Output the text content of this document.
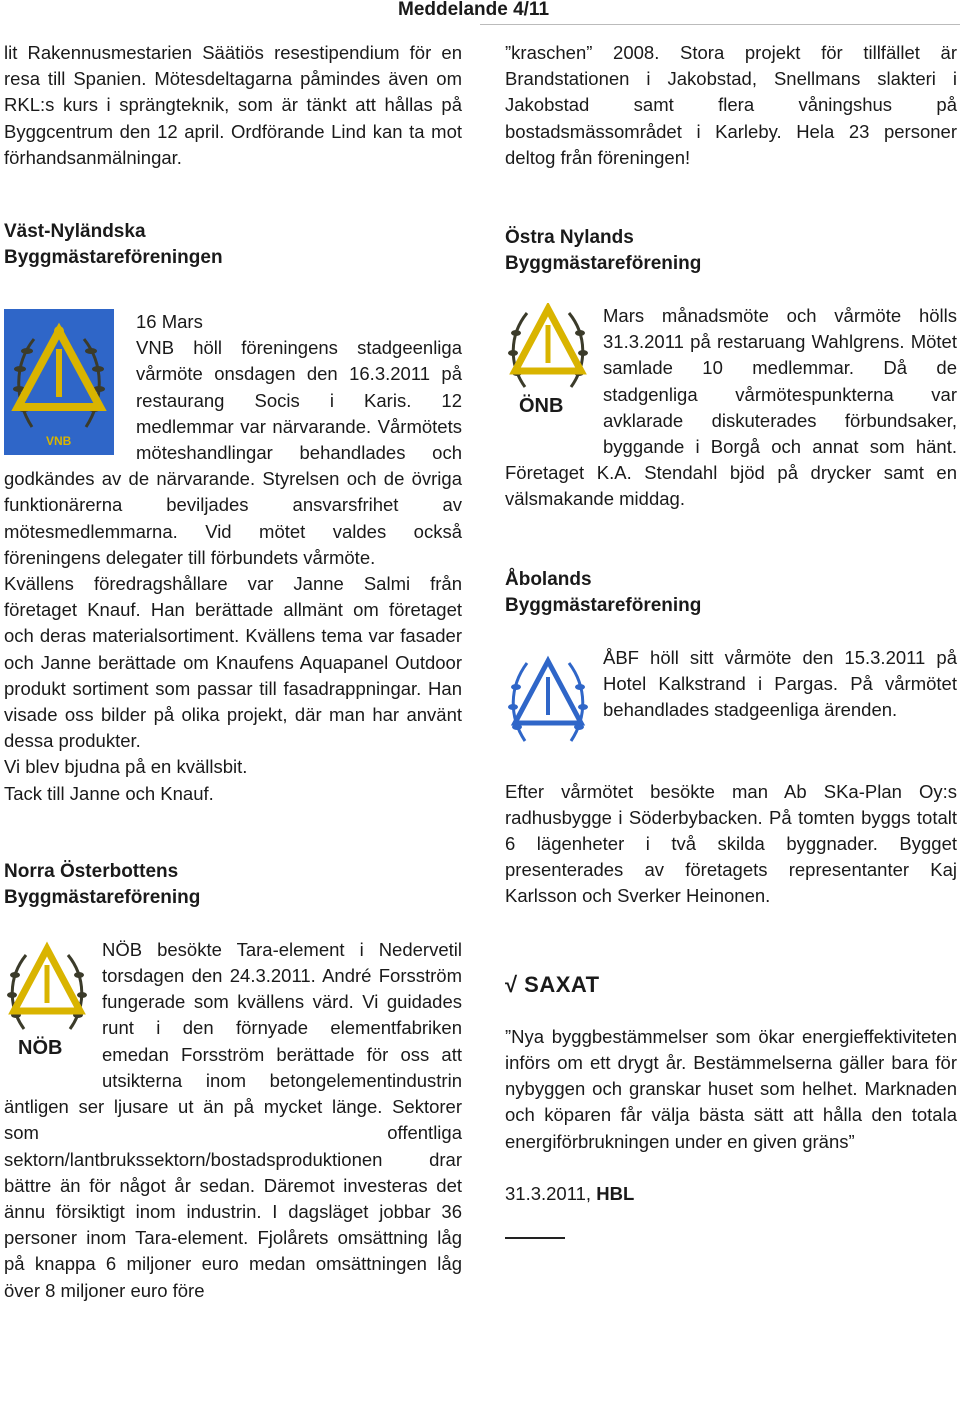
Meddelande 4/11

lit Rakennusmestarien Säätiös resestipendium för en resa till Spanien. Mötesdeltagarna påmindes även om RKL:s kurs i sprängteknik, som är tänkt att hållas på Byggcentrum den 12 april. Ordförande Lind kan ta mot förhandsanmälningar.

Väst-Nyländska
Byggmästareföreningen
VNB

16 Mars

VNB höll föreningens stadgeenliga vårmöte onsdagen den 16.3.2011 på restaurang Socis i Karis. 12 medlemmar var närvarande. Vårmötets möteshandlingar behandlades och godkändes av de närvarande. Styrelsen och de övriga funktionärerna beviljades ansvarsfrihet av mötesmedlemmarna. Vid mötet valdes också föreningens delegater till förbundets vårmöte.

Kvällens föredragshållare var Janne Salmi från företaget Knauf. Han berättade allmänt om företaget och deras materialsortiment. Kvällens tema var fasader och Janne berättade om Knaufens Aquapanel Outdoor produkt sortiment som passar till fasadrappningar. Han visade oss bilder på olika projekt, där man har använt dessa produkter.

Vi blev bjudna på en kvällsbit.

Tack till Janne och Knauf.

Norra Österbottens
Byggmästareförening
NÖB

NÖB besökte Tara-element i Nedervetil torsdagen den 24.3.2011. André Forsström fungerade som kvällens värd. Vi guidades runt i den förnyade elementfabriken emedan Forsström berättade för oss att utsikterna inom betongelementindustrin äntligen ser ljusare ut än på mycket länge. Sektorer som offentliga sektorn/lantbrukssektorn/bostadsproduktionen drar bättre än för något år sedan. Däremot investeras det ännu försiktigt inom industrin. I dagsläget jobbar 36 personer inom Tara-element. Fjolårets omsättning låg på knappa 6 miljoner euro medan omsättningen låg över 8 miljoner euro före

”kraschen” 2008. Stora projekt för tillfället är Brandstationen i Jakobstad, Snellmans slakteri i Jakobstad samt flera våningshus på bostadsmässområdet i Karleby. Hela 23 personer deltog från föreningen!

Östra Nylands
Byggmästareförening
ÖNB

Mars månadsmöte och vårmöte hölls 31.3.2011 på restaruang Wahlgrens. Mötet samlade 10 medlemmar. Då de stadgenliga vårmötespunkterna var avklarade diskuterades förbundsaker, byggande i Borgå och annat som hänt. Företaget K.A. Stendahl bjöd på drycker samt en välsmakande middag.

Åbolands
Byggmästareförening

ÅBF höll sitt vårmöte den 15.3.2011 på Hotel Kalkstrand i Pargas. På vårmötet behandlades stadgeenliga ärenden.

Efter vårmötet besökte man Ab SKa-Plan Oy:s radhusbygge i Söderbybacken. På tomten byggs totalt 6 lägenheter i två skilda byggnader. Bygget presenterades av företagets representanter Kaj Karlsson och Sverker Heinonen.

√ SAXAT

”Nya byggbestämmelser som ökar energieffektiviteten införs om ett drygt år. Bestämmelserna gäller bara för nybyggen och granskar huset som helhet. Marknaden och köparen får välja bästa sätt att hålla den totala energiförbrukningen under en given gräns”

31.3.2011, HBL
